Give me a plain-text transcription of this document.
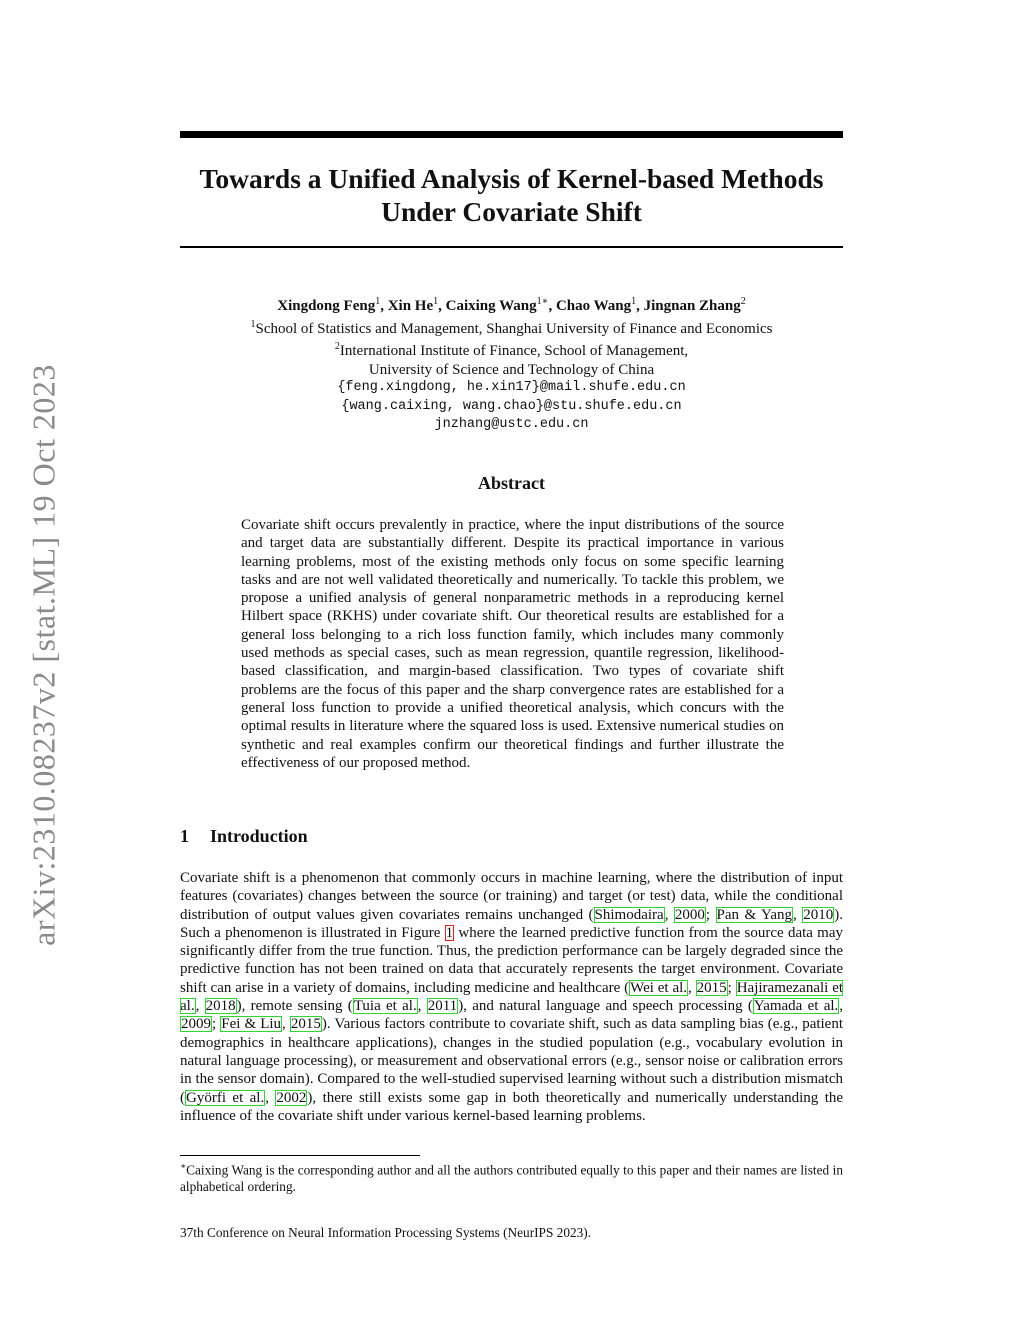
arXiv:2310.08237v2 [stat.ML] 19 Oct 2023
Towards a Unified Analysis of Kernel-based Methods
Under Covariate Shift
Xingdong Feng$^1$, Xin He$^1$, Caixing Wang$^{1∗}$, Chao Wang$^1$, Jingnan Zhang$^2$
$^1$School of Statistics and Management, Shanghai University of Finance and Economics
$^2$International Institute of Finance, School of Management,
University of Science and Technology of China
{feng.xingdong, he.xin17}@mail.shufe.edu.cn
{wang.caixing, wang.chao}@stu.shufe.edu.cn
jnzhang@ustc.edu.cn
Abstract
Covariate shift occurs prevalently in practice, where the input distributions of the source and target data are substantially different. Despite its practical importance in various learning problems, most of the existing methods only focus on some specific learning tasks and are not well validated theoretically and numerically. To tackle this problem, we propose a unified analysis of general nonparametric methods in a reproducing kernel Hilbert space (RKHS) under covariate shift. Our theoretical results are established for a general loss belonging to a rich loss function family, which includes many commonly used methods as special cases, such as mean regression, quantile regression, likelihood-based classification, and margin-based classification. Two types of covariate shift problems are the focus of this paper and the sharp convergence rates are established for a general loss function to provide a unified theoretical analysis, which concurs with the optimal results in literature where the squared loss is used. Extensive numerical studies on synthetic and real examples confirm our theoretical findings and further illustrate the effectiveness of our proposed method.
1 Introduction
Covariate shift is a phenomenon that commonly occurs in machine learning, where the distribution of input features (covariates) changes between the source (or training) and target (or test) data, while the conditional distribution of output values given covariates remains unchanged (Shimodaira, 2000; Pan & Yang, 2010). Such a phenomenon is illustrated in Figure 1 where the learned predictive function from the source data may significantly differ from the true function. Thus, the prediction performance can be largely degraded since the predictive function has not been trained on data that accurately represents the target environment. Covariate shift can arise in a variety of domains, including medicine and healthcare (Wei et al., 2015; Hajiramezanali et al., 2018), remote sensing (Tuia et al., 2011), and natural language and speech processing (Yamada et al., 2009; Fei & Liu, 2015). Various factors contribute to covariate shift, such as data sampling bias (e.g., patient demographics in healthcare applications), changes in the studied population (e.g., vocabulary evolution in natural language processing), or measurement and observational errors (e.g., sensor noise or calibration errors in the sensor domain). Compared to the well-studied supervised learning without such a distribution mismatch (Györfi et al., 2002), there still exists some gap in both theoretically and numerically understanding the influence of the covariate shift under various kernel-based learning problems.
∗Caixing Wang is the corresponding author and all the authors contributed equally to this paper and their names are listed in alphabetical ordering.
37th Conference on Neural Information Processing Systems (NeurIPS 2023).
